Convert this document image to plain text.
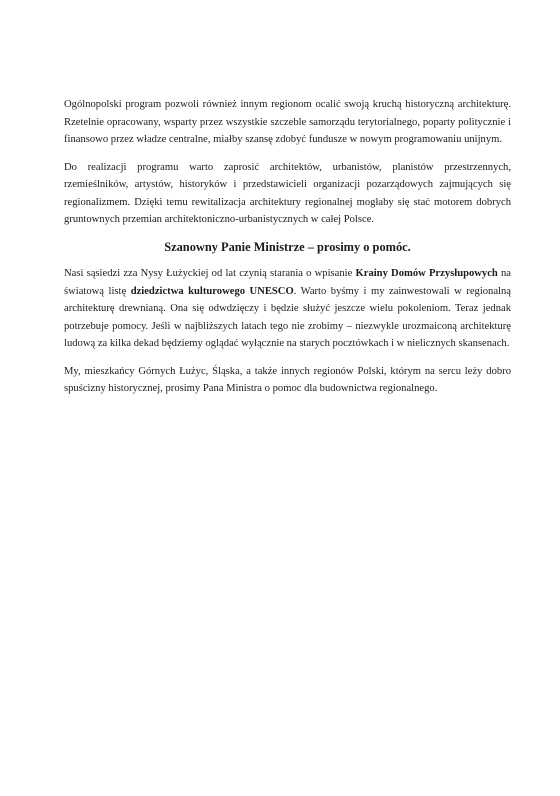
Ogólnopolski program pozwoli również innym regionom ocalić swoją kruchą historyczną architekturę. Rzetelnie opracowany, wsparty przez wszystkie szczeble samorządu terytorialnego, poparty politycznie i finansowo przez władze centralne, miałby szansę zdobyć fundusze w nowym programowaniu unijnym.

Do realizacji programu warto zaprosić architektów, urbanistów, planistów przestrzennych, rzemieślników, artystów, historyków i przedstawicieli organizacji pozarządowych zajmujących się regionalizmem. Dzięki temu rewitalizacja architektury regionalnej mogłaby się stać motorem dobrych gruntownych przemian architektoniczno-urbanistycznych w całej Polsce.

Szanowny Panie Ministrze – prosimy o pomóc.

Nasi sąsiedzi zza Nysy Łużyckiej od lat czynią starania o wpisanie Krainy Domów Przysłupowych na światową listę dziedzictwa kulturowego UNESCO. Warto byśmy i my zainwestowali w regionalną architekturę drewnianą. Ona się odwdzięczy i będzie służyć jeszcze wielu pokoleniom. Teraz jednak potrzebuje pomocy. Jeśli w najbliższych latach tego nie zrobimy – niezwykle urozmaiconą architekturę ludową za kilka dekad będziemy oglądać wyłącznie na starych pocztówkach i w nielicznych skansenach.

My, mieszkańcy Górnych Łużyc, Śląska, a także innych regionów Polski, którym na sercu leży dobro spuścizny historycznej, prosimy Pana Ministra o pomoc dla budownictwa regionalnego.
